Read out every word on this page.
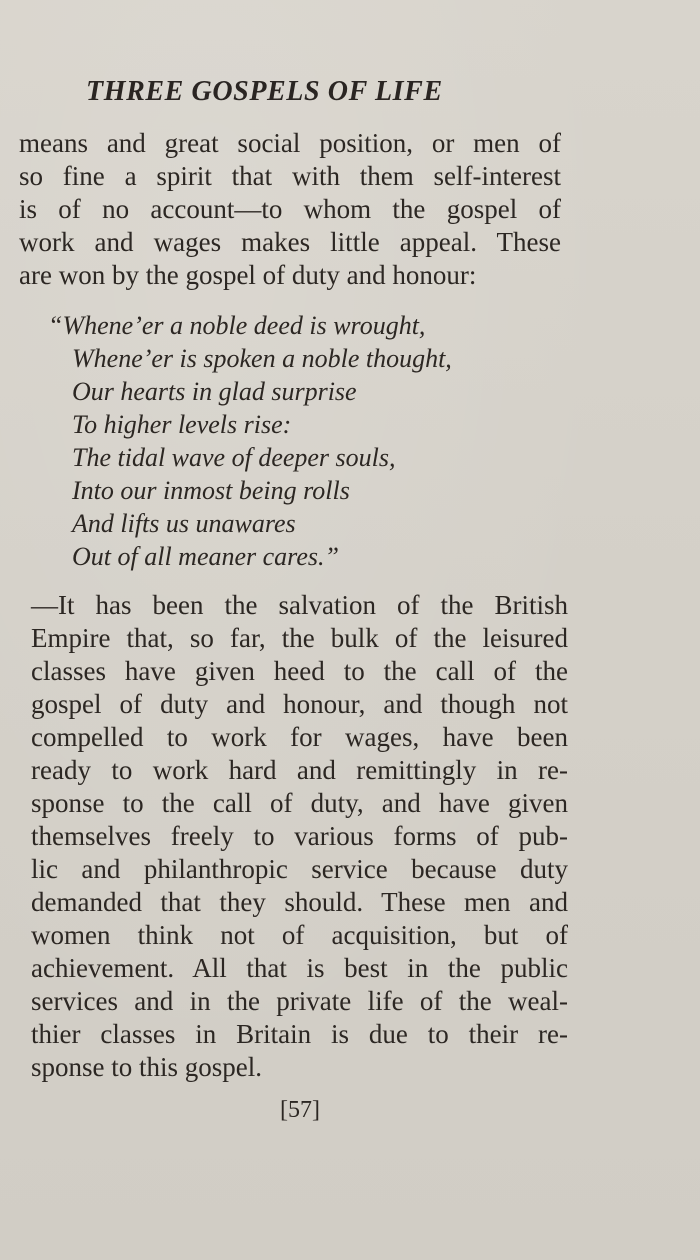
THREE GOSPELS OF LIFE
means and great social position, or men of
so fine a spirit that with them self-interest
is of no account—to whom the gospel of
work and wages makes little appeal. These
are won by the gospel of duty and honour:
“Whene’er a noble deed is wrought,
Whene’er is spoken a noble thought,
Our hearts in glad surprise
To higher levels rise:
The tidal wave of deeper souls,
Into our inmost being rolls
And lifts us unawares
Out of all meaner cares.”
—It has been the salvation of the British
Empire that, so far, the bulk of the leisured
classes have given heed to the call of the
gospel of duty and honour, and though not
compelled to work for wages, have been
ready to work hard and remittingly in re-
sponse to the call of duty, and have given
themselves freely to various forms of pub-
lic and philanthropic service because duty
demanded that they should. These men and
women think not of acquisition, but of
achievement. All that is best in the public
services and in the private life of the weal-
thier classes in Britain is due to their re-
sponse to this gospel.
[57]
